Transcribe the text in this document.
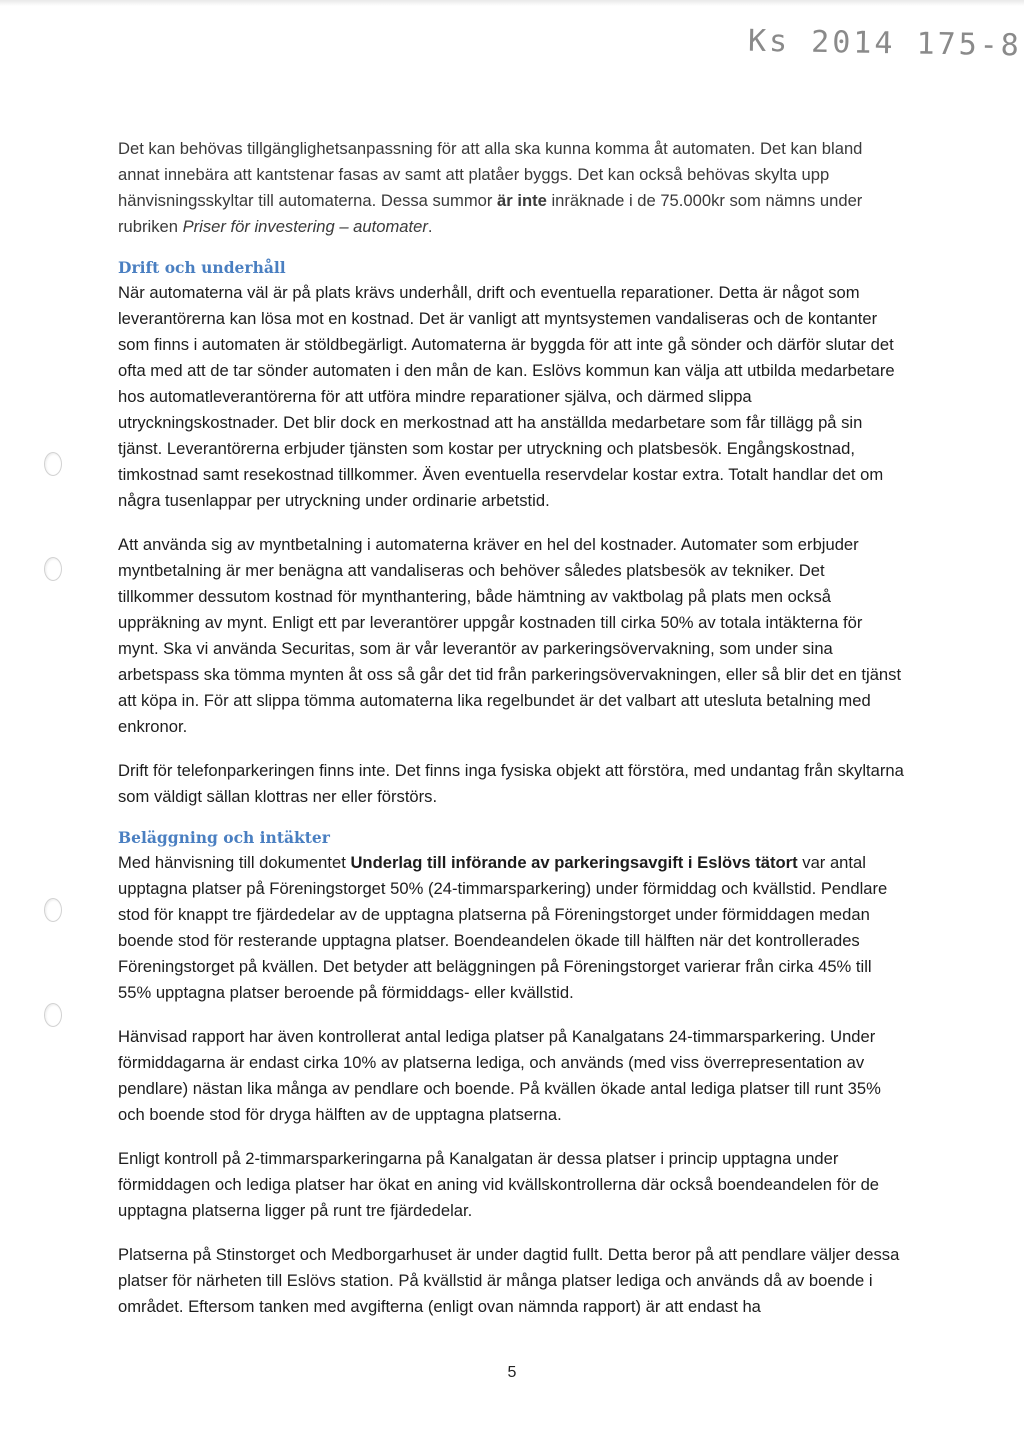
Ks 2014 175-8

Det kan behövas tillgänglighetsanpassning för att alla ska kunna komma åt automaten. Det kan bland annat innebära att kantstenar fasas av samt att platåer byggs. Det kan också behövas skylta upp hänvisningsskyltar till automaterna. Dessa summor är inte inräknade i de 75.000kr som nämns under rubriken Priser för investering – automater.

Drift och underhåll

När automaterna väl är på plats krävs underhåll, drift och eventuella reparationer. Detta är något som leverantörerna kan lösa mot en kostnad. Det är vanligt att myntsystemen vandaliseras och de kontanter som finns i automaten är stöldbegärligt. Automaterna är byggda för att inte gå sönder och därför slutar det ofta med att de tar sönder automaten i den mån de kan. Eslövs kommun kan välja att utbilda medarbetare hos automatleverantörerna för att utföra mindre reparationer själva, och därmed slippa utryckningskostnader. Det blir dock en merkostnad att ha anställda medarbetare som får tillägg på sin tjänst. Leverantörerna erbjuder tjänsten som kostar per utryckning och platsbesök. Engångskostnad, timkostnad samt resekostnad tillkommer. Även eventuella reservdelar kostar extra. Totalt handlar det om några tusenlappar per utryckning under ordinarie arbetstid.

Att använda sig av myntbetalning i automaterna kräver en hel del kostnader. Automater som erbjuder myntbetalning är mer benägna att vandaliseras och behöver således platsbesök av tekniker. Det tillkommer dessutom kostnad för mynthantering, både hämtning av vaktbolag på plats men också uppräkning av mynt. Enligt ett par leverantörer uppgår kostnaden till cirka 50% av totala intäkterna för mynt. Ska vi använda Securitas, som är vår leverantör av parkeringsövervakning, som under sina arbetspass ska tömma mynten åt oss så går det tid från parkeringsövervakningen, eller så blir det en tjänst att köpa in. För att slippa tömma automaterna lika regelbundet är det valbart att utesluta betalning med enkronor.

Drift för telefonparkeringen finns inte. Det finns inga fysiska objekt att förstöra, med undantag från skyltarna som väldigt sällan klottras ner eller förstörs.

Beläggning och intäkter

Med hänvisning till dokumentet Underlag till införande av parkeringsavgift i Eslövs tätort var antal upptagna platser på Föreningstorget 50% (24-timmarsparkering) under förmiddag och kvällstid. Pendlare stod för knappt tre fjärdedelar av de upptagna platserna på Föreningstorget under förmiddagen medan boende stod för resterande upptagna platser. Boendeandelen ökade till hälften när det kontrollerades Föreningstorget på kvällen. Det betyder att beläggningen på Föreningstorget varierar från cirka 45% till 55% upptagna platser beroende på förmiddags- eller kvällstid.

Hänvisad rapport har även kontrollerat antal lediga platser på Kanalgatans 24-timmarsparkering. Under förmiddagarna är endast cirka 10% av platserna lediga, och används (med viss överrepresentation av pendlare) nästan lika många av pendlare och boende. På kvällen ökade antal lediga platser till runt 35% och boende stod för dryga hälften av de upptagna platserna.

Enligt kontroll på 2-timmarsparkeringarna på Kanalgatan är dessa platser i princip upptagna under förmiddagen och lediga platser har ökat en aning vid kvällskontrollerna där också boendeandelen för de upptagna platserna ligger på runt tre fjärdedelar.

Platserna på Stinstorget och Medborgarhuset är under dagtid fullt. Detta beror på att pendlare väljer dessa platser för närheten till Eslövs station. På kvällstid är många platser lediga och används då av boende i området. Eftersom tanken med avgifterna (enligt ovan nämnda rapport) är att endast ha

5
